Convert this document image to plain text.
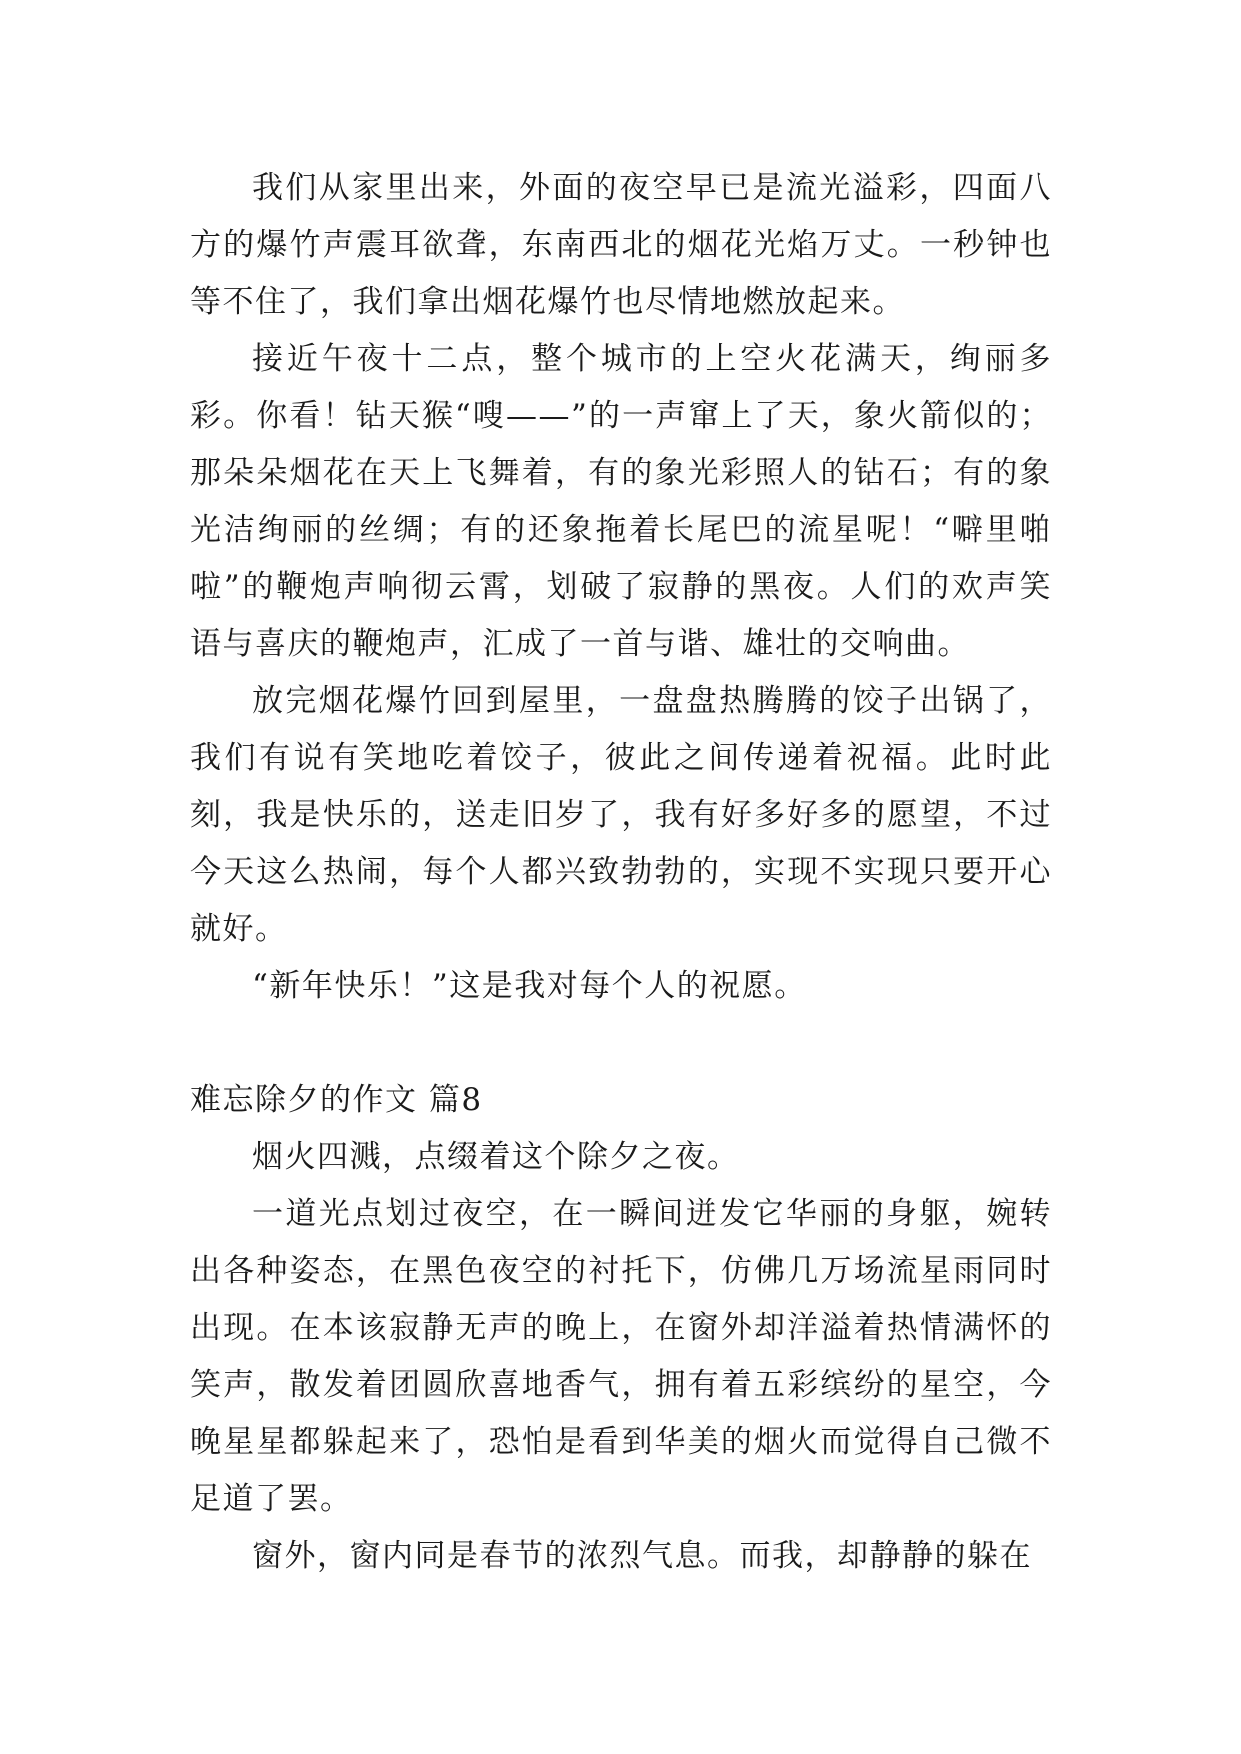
我们从家里出来，外面的夜空早已是流光溢彩，四面八方的爆竹声震耳欲聋，东南西北的烟花光焰万丈。一秒钟也等不住了，我们拿出烟花爆竹也尽情地燃放起来。

接近午夜十二点，整个城市的上空火花满天，绚丽多彩。你看！钻天猴“嗖——”的一声窜上了天，象火箭似的；那朵朵烟花在天上飞舞着，有的象光彩照人的钻石；有的象光洁绚丽的丝绸；有的还象拖着长尾巴的流星呢！“噼里啪啦”的鞭炮声响彻云霄，划破了寂静的黑夜。人们的欢声笑语与喜庆的鞭炮声，汇成了一首与谐、雄壮的交响曲。

放完烟花爆竹回到屋里，一盘盘热腾腾的饺子出锅了，我们有说有笑地吃着饺子，彼此之间传递着祝福。此时此刻，我是快乐的，送走旧岁了，我有好多好多的愿望，不过今天这么热闹，每个人都兴致勃勃的，实现不实现只要开心就好。

“新年快乐！”这是我对每个人的祝愿。

难忘除夕的作文 篇8

烟火四溅，点缀着这个除夕之夜。

一道光点划过夜空，在一瞬间迸发它华丽的身躯，婉转出各种姿态，在黑色夜空的衬托下，仿佛几万场流星雨同时出现。在本该寂静无声的晚上，在窗外却洋溢着热情满怀的笑声，散发着团圆欣喜地香气，拥有着五彩缤纷的星空，今晚星星都躲起来了，恐怕是看到华美的烟火而觉得自己微不足道了罢。

窗外，窗内同是春节的浓烈气息。而我，却静静的躲在
